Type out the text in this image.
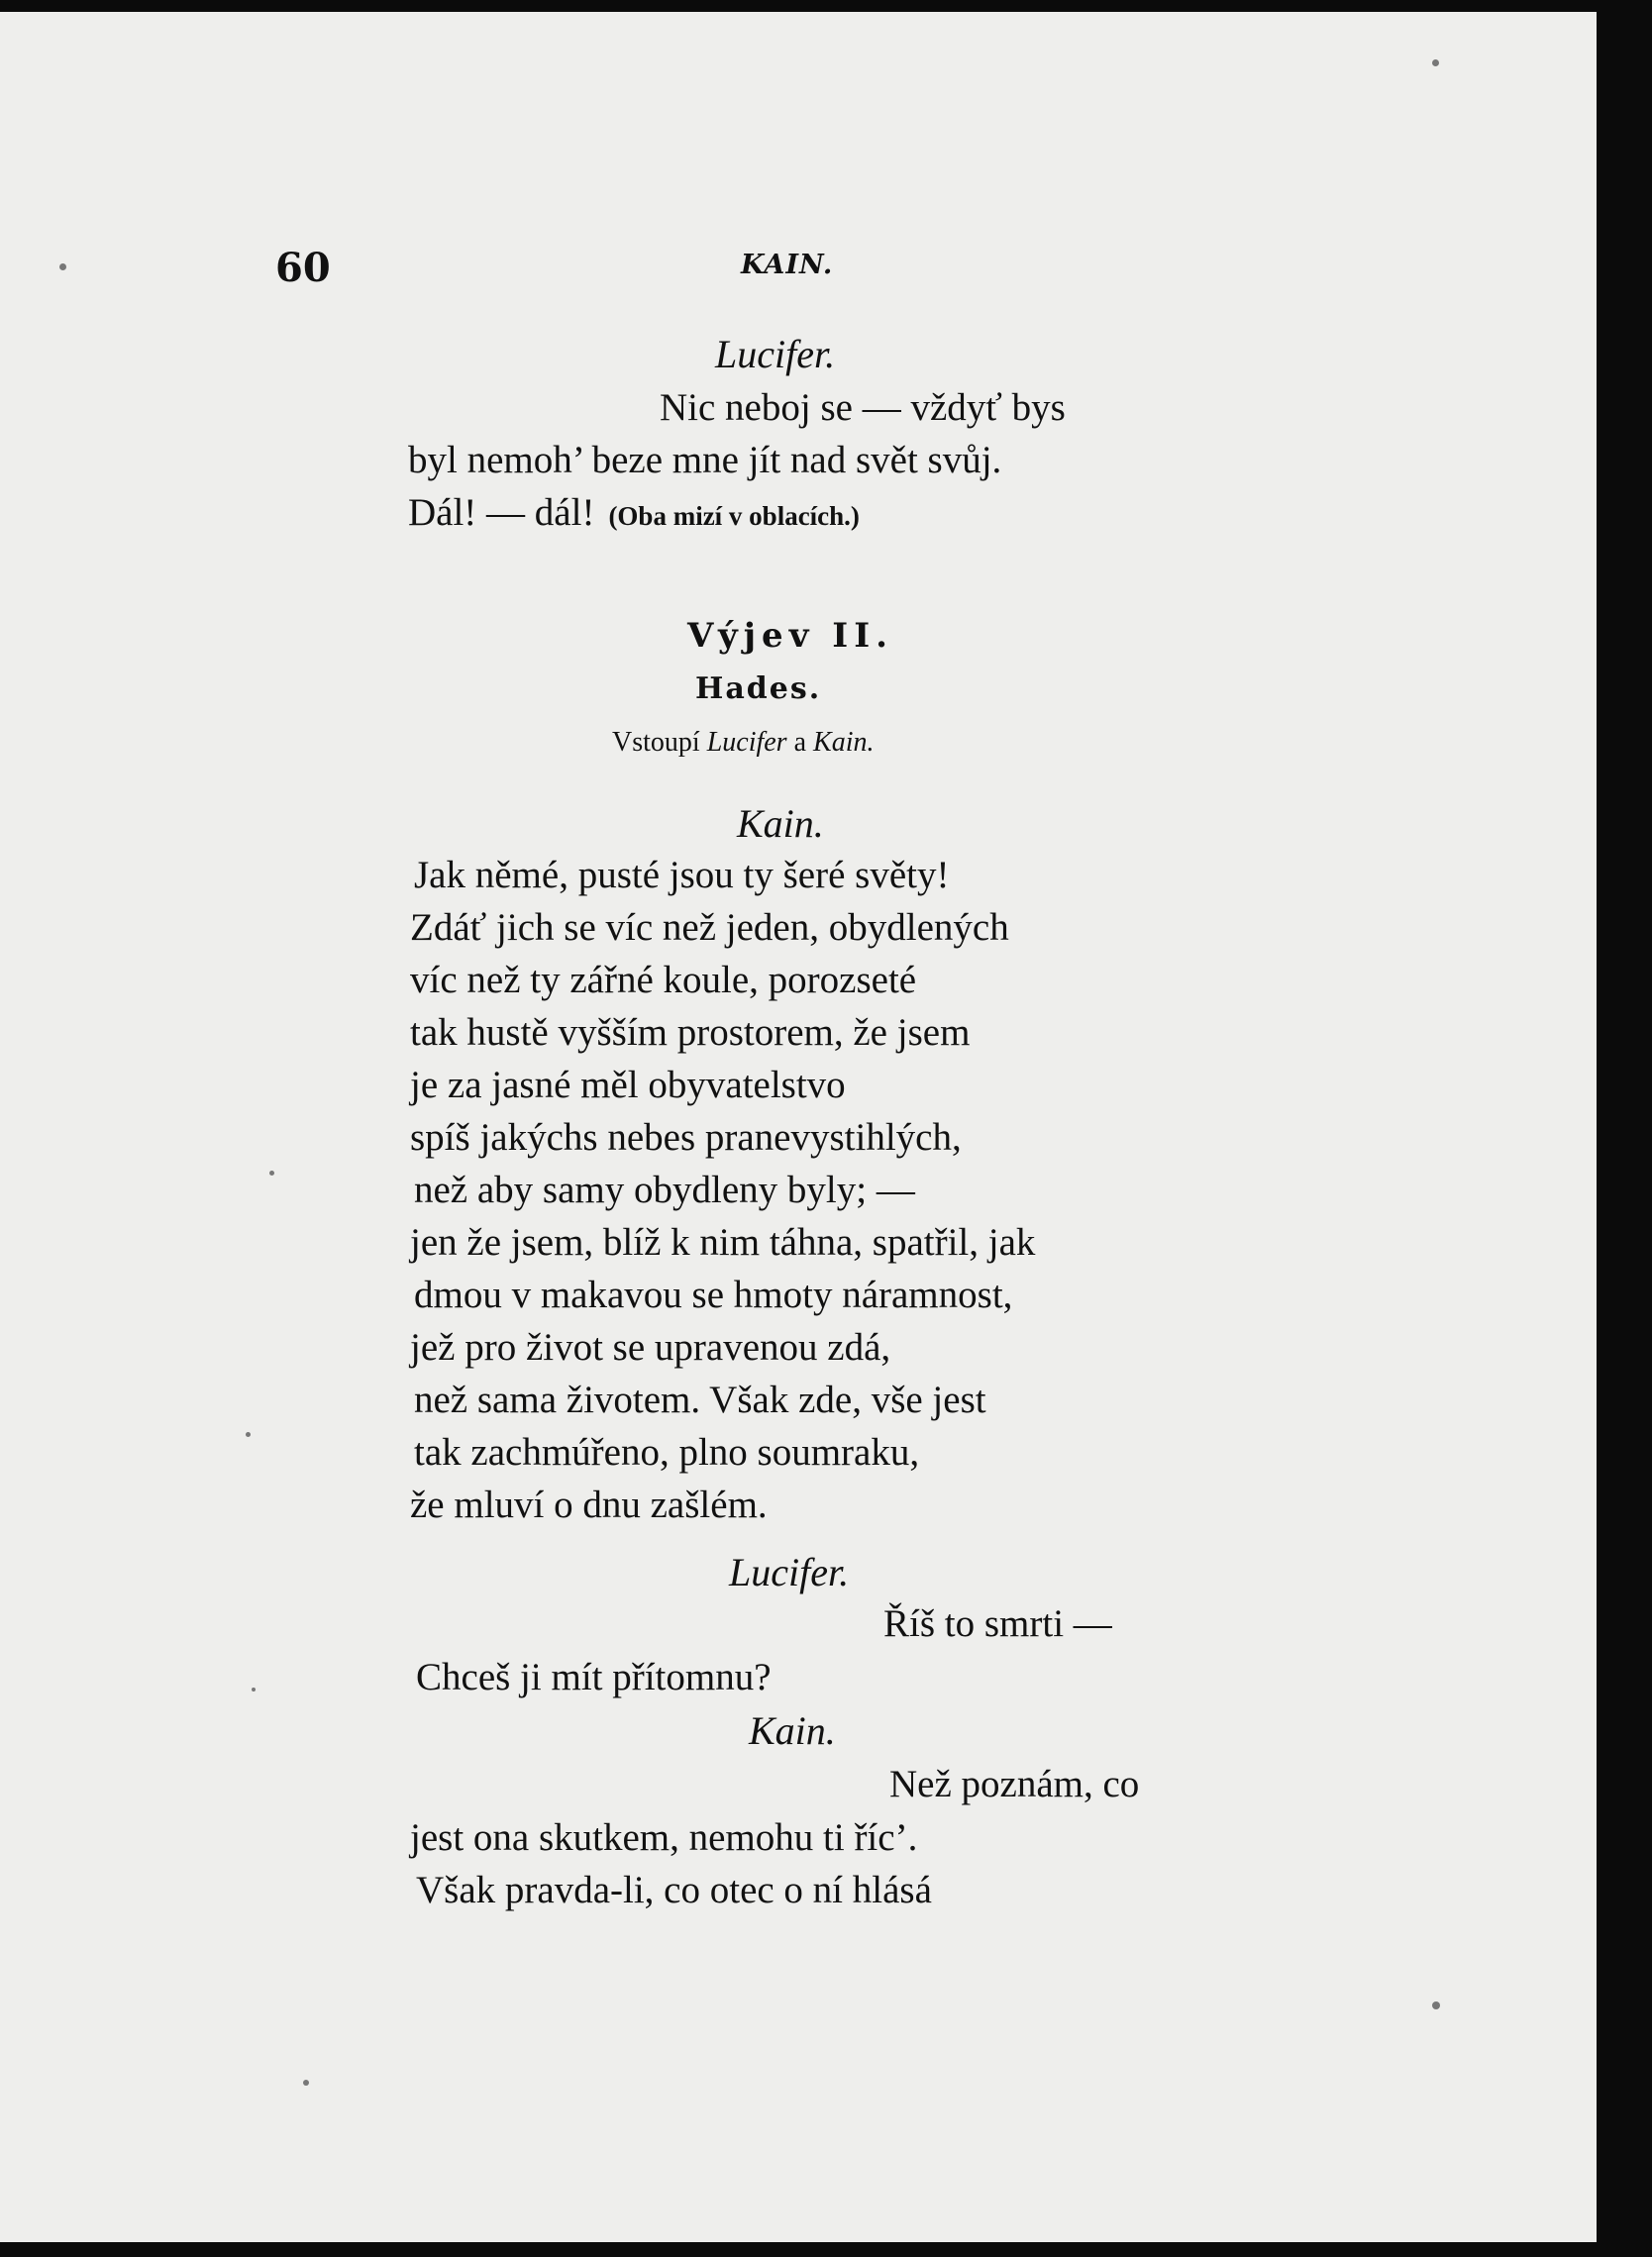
60	KAIN.
Lucifer.
Nic neboj se — vždyť bys
byl nemoh’ beze mne jít nad svět svůj.
Dál! — dál! (Oba mizí v oblacích.)
Výjev II.
Hades.
Vstoupí Lucifer a Kain.
Kain.
Jak němé, pusté jsou ty šeré světy!
Zdáť jich se víc než jeden, obydlených
víc než ty zářné koule, porozseté
tak hustě vyšším prostorem, že jsem
je za jasné měl obyvatelstvo
spíš jakýchs nebes pranevystihlých,
než aby samy obydleny byly; —
jen že jsem, blíž k nim táhna, spatřil, jak
dmou v makavou se hmoty náramnost,
jež pro život se upravenou zdá,
než sama životem. Však zde, vše jest
tak zachmúřeno, plno soumraku,
že mluví o dnu zašlém.
Lucifer.
Říš to smrti —
Chceš ji mít přítomnu?
Kain.
Než poznám, co
jest ona skutkem, nemohu ti říc’.
Však pravda-li, co otec o ní hlásá
